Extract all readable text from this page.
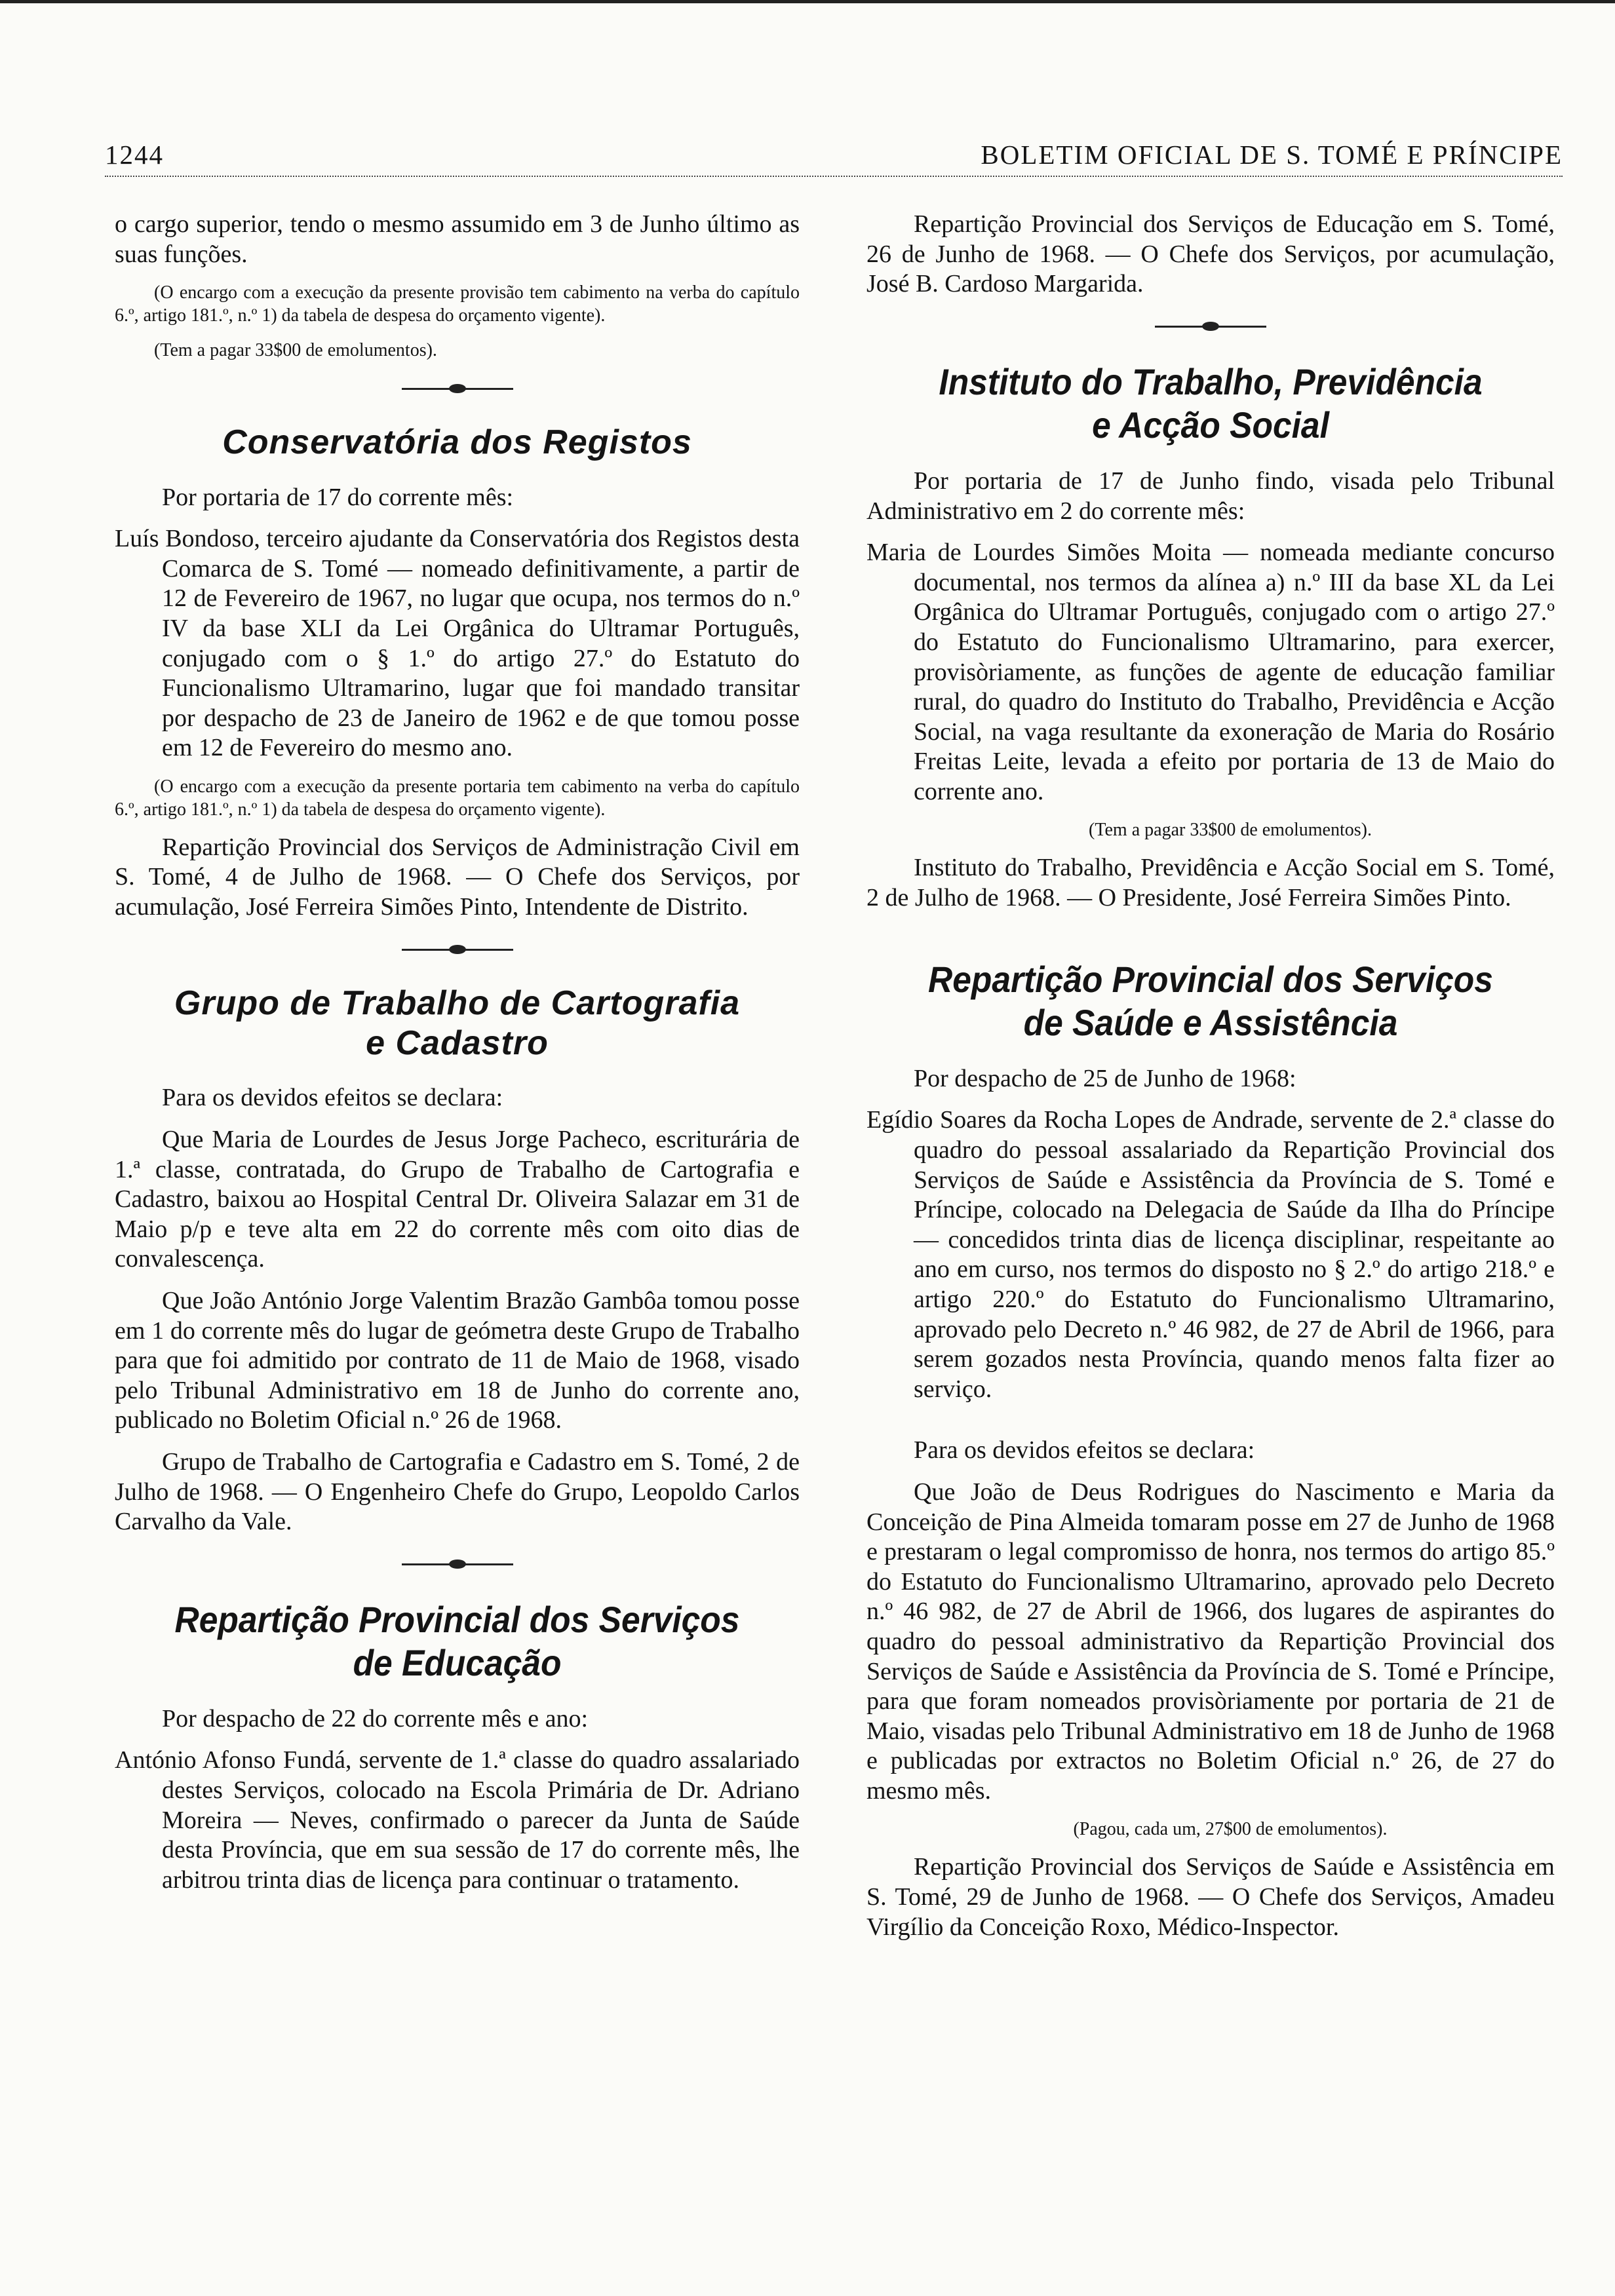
1244	BOLETIM OFICIAL DE S. TOMÉ E PRÍNCIPE

o cargo superior, tendo o mesmo assumido em 3 de Junho último as suas funções.

(O encargo com a execução da presente provisão tem cabimento na verba do capítulo 6.º, artigo 181.º, n.º 1) da tabela de despesa do orçamento vigente).

(Tem a pagar 33$00 de emolumentos).

Conservatória dos Registos

Por portaria de 17 do corrente mês:

Luís Bondoso, terceiro ajudante da Conservatória dos Registos desta Comarca de S. Tomé — nomeado definitivamente, a partir de 12 de Fevereiro de 1967, no lugar que ocupa, nos termos do n.º IV da base XLI da Lei Orgânica do Ultramar Português, conjugado com o § 1.º do artigo 27.º do Estatuto do Funcionalismo Ultramarino, lugar que foi mandado transitar por despacho de 23 de Janeiro de 1962 e de que tomou posse em 12 de Fevereiro do mesmo ano.

(O encargo com a execução da presente portaria tem cabimento na verba do capítulo 6.º, artigo 181.º, n.º 1) da tabela de despesa do orçamento vigente).

Repartição Provincial dos Serviços de Administração Civil em S. Tomé, 4 de Julho de 1968. — O Chefe dos Serviços, por acumulação, José Ferreira Simões Pinto, Intendente de Distrito.

Grupo de Trabalho de Cartografia
e Cadastro

Para os devidos efeitos se declara:

Que Maria de Lourdes de Jesus Jorge Pacheco, escriturária de 1.ª classe, contratada, do Grupo de Trabalho de Cartografia e Cadastro, baixou ao Hospital Central Dr. Oliveira Salazar em 31 de Maio p/p e teve alta em 22 do corrente mês com oito dias de convalescença.

Que João António Jorge Valentim Brazão Gambôa tomou posse em 1 do corrente mês do lugar de geómetra deste Grupo de Trabalho para que foi admitido por contrato de 11 de Maio de 1968, visado pelo Tribunal Administrativo em 18 de Junho do corrente ano, publicado no Boletim Oficial n.º 26 de 1968.

Grupo de Trabalho de Cartografia e Cadastro em S. Tomé, 2 de Julho de 1968. — O Engenheiro Chefe do Grupo, Leopoldo Carlos Carvalho da Vale.

Repartição Provincial dos Serviços
de Educação

Por despacho de 22 do corrente mês e ano:

António Afonso Fundá, servente de 1.ª classe do quadro assalariado destes Serviços, colocado na Escola Primária de Dr. Adriano Moreira — Neves, confirmado o parecer da Junta de Saúde desta Província, que em sua sessão de 17 do corrente mês, lhe arbitrou trinta dias de licença para continuar o tratamento.

Repartição Provincial dos Serviços de Educação em S. Tomé, 26 de Junho de 1968. — O Chefe dos Serviços, por acumulação, José B. Cardoso Margarida.

Instituto do Trabalho, Previdência
e Acção Social

Por portaria de 17 de Junho findo, visada pelo Tribunal Administrativo em 2 do corrente mês:

Maria de Lourdes Simões Moita — nomeada mediante concurso documental, nos termos da alínea a) n.º III da base XL da Lei Orgânica do Ultramar Português, conjugado com o artigo 27.º do Estatuto do Funcionalismo Ultramarino, para exercer, provisòriamente, as funções de agente de educação familiar rural, do quadro do Instituto do Trabalho, Previdência e Acção Social, na vaga resultante da exoneração de Maria do Rosário Freitas Leite, levada a efeito por portaria de 13 de Maio do corrente ano.

(Tem a pagar 33$00 de emolumentos).

Instituto do Trabalho, Previdência e Acção Social em S. Tomé, 2 de Julho de 1968. — O Presidente, José Ferreira Simões Pinto.

Repartição Provincial dos Serviços
de Saúde e Assistência

Por despacho de 25 de Junho de 1968:

Egídio Soares da Rocha Lopes de Andrade, servente de 2.ª classe do quadro do pessoal assalariado da Repartição Provincial dos Serviços de Saúde e Assistência da Província de S. Tomé e Príncipe, colocado na Delegacia de Saúde da Ilha do Príncipe — concedidos trinta dias de licença disciplinar, respeitante ao ano em curso, nos termos do disposto no § 2.º do artigo 218.º e artigo 220.º do Estatuto do Funcionalismo Ultramarino, aprovado pelo Decreto n.º 46 982, de 27 de Abril de 1966, para serem gozados nesta Província, quando menos falta fizer ao serviço.

Para os devidos efeitos se declara:

Que João de Deus Rodrigues do Nascimento e Maria da Conceição de Pina Almeida tomaram posse em 27 de Junho de 1968 e prestaram o legal compromisso de honra, nos termos do artigo 85.º do Estatuto do Funcionalismo Ultramarino, aprovado pelo Decreto n.º 46 982, de 27 de Abril de 1966, dos lugares de aspirantes do quadro do pessoal administrativo da Repartição Provincial dos Serviços de Saúde e Assistência da Província de S. Tomé e Príncipe, para que foram nomeados provisòriamente por portaria de 21 de Maio, visadas pelo Tribunal Administrativo em 18 de Junho de 1968 e publicadas por extractos no Boletim Oficial n.º 26, de 27 do mesmo mês.

(Pagou, cada um, 27$00 de emolumentos).

Repartição Provincial dos Serviços de Saúde e Assistência em S. Tomé, 29 de Junho de 1968. — O Chefe dos Serviços, Amadeu Virgílio da Conceição Roxo, Médico-Inspector.
